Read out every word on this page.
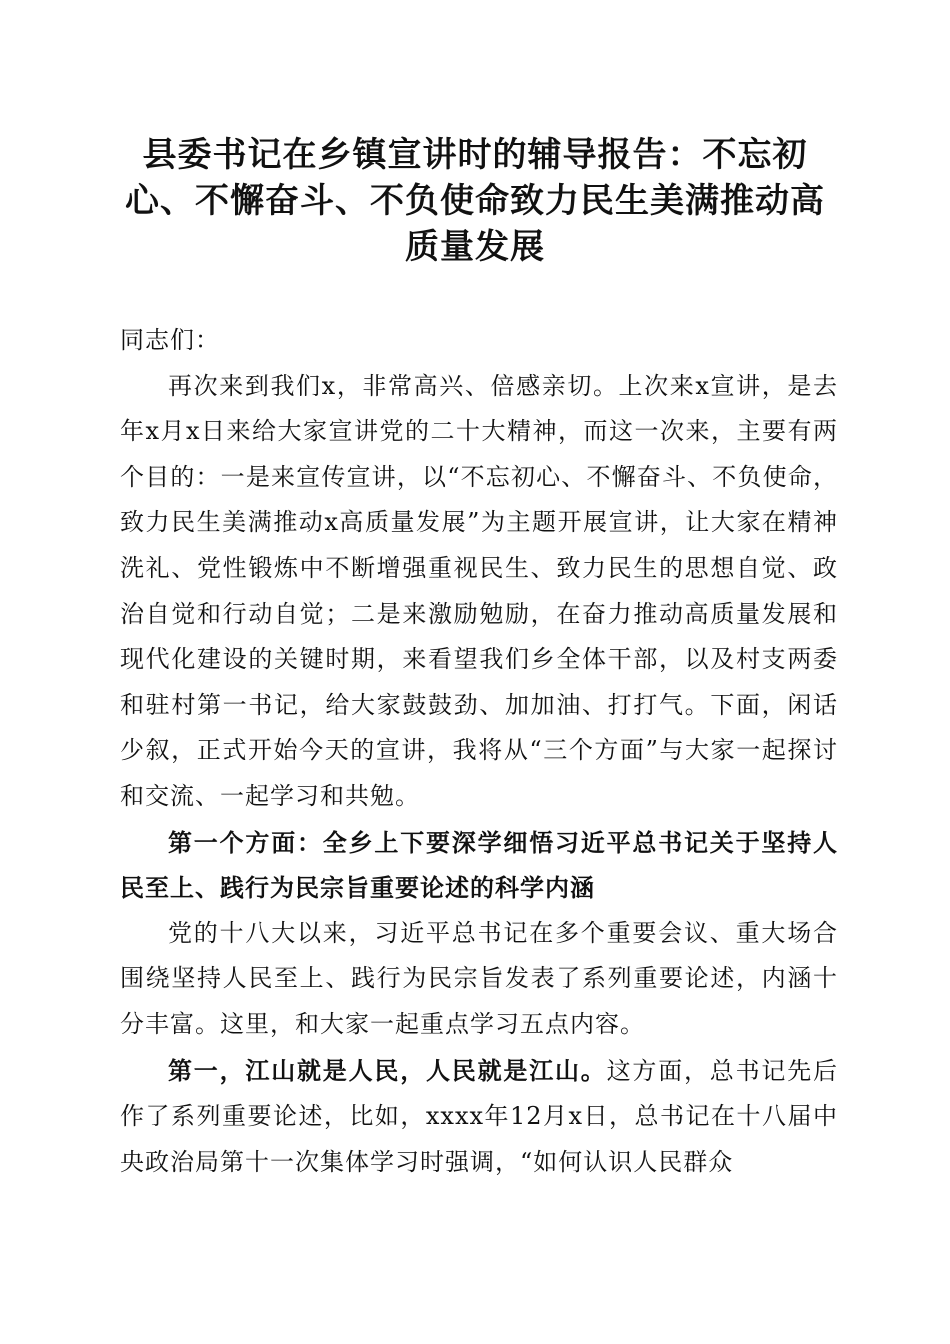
县委书记在乡镇宣讲时的辅导报告：不忘初心、不懈奋斗、不负使命致力民生美满推动高质量发展

同志们：

再次来到我们x，非常高兴、倍感亲切。上次来x宣讲，是去年x月x日来给大家宣讲党的二十大精神，而这一次来，主要有两个目的：一是来宣传宣讲，以“不忘初心、不懈奋斗、不负使命，致力民生美满推动x高质量发展”为主题开展宣讲，让大家在精神洗礼、党性锻炼中不断增强重视民生、致力民生的思想自觉、政治自觉和行动自觉；二是来激励勉励，在奋力推动高质量发展和现代化建设的关键时期，来看望我们乡全体干部，以及村支两委和驻村第一书记，给大家鼓鼓劲、加加油、打打气。下面，闲话少叙，正式开始今天的宣讲，我将从“三个方面”与大家一起探讨和交流、一起学习和共勉。

第一个方面：全乡上下要深学细悟习近平总书记关于坚持人民至上、践行为民宗旨重要论述的科学内涵

党的十八大以来，习近平总书记在多个重要会议、重大场合围绕坚持人民至上、践行为民宗旨发表了系列重要论述，内涵十分丰富。这里，和大家一起重点学习五点内容。

第一，江山就是人民，人民就是江山。这方面，总书记先后作了系列重要论述，比如，xxxx年12月x日，总书记在十八届中央政治局第十一次集体学习时强调，“如何认识人民群众
